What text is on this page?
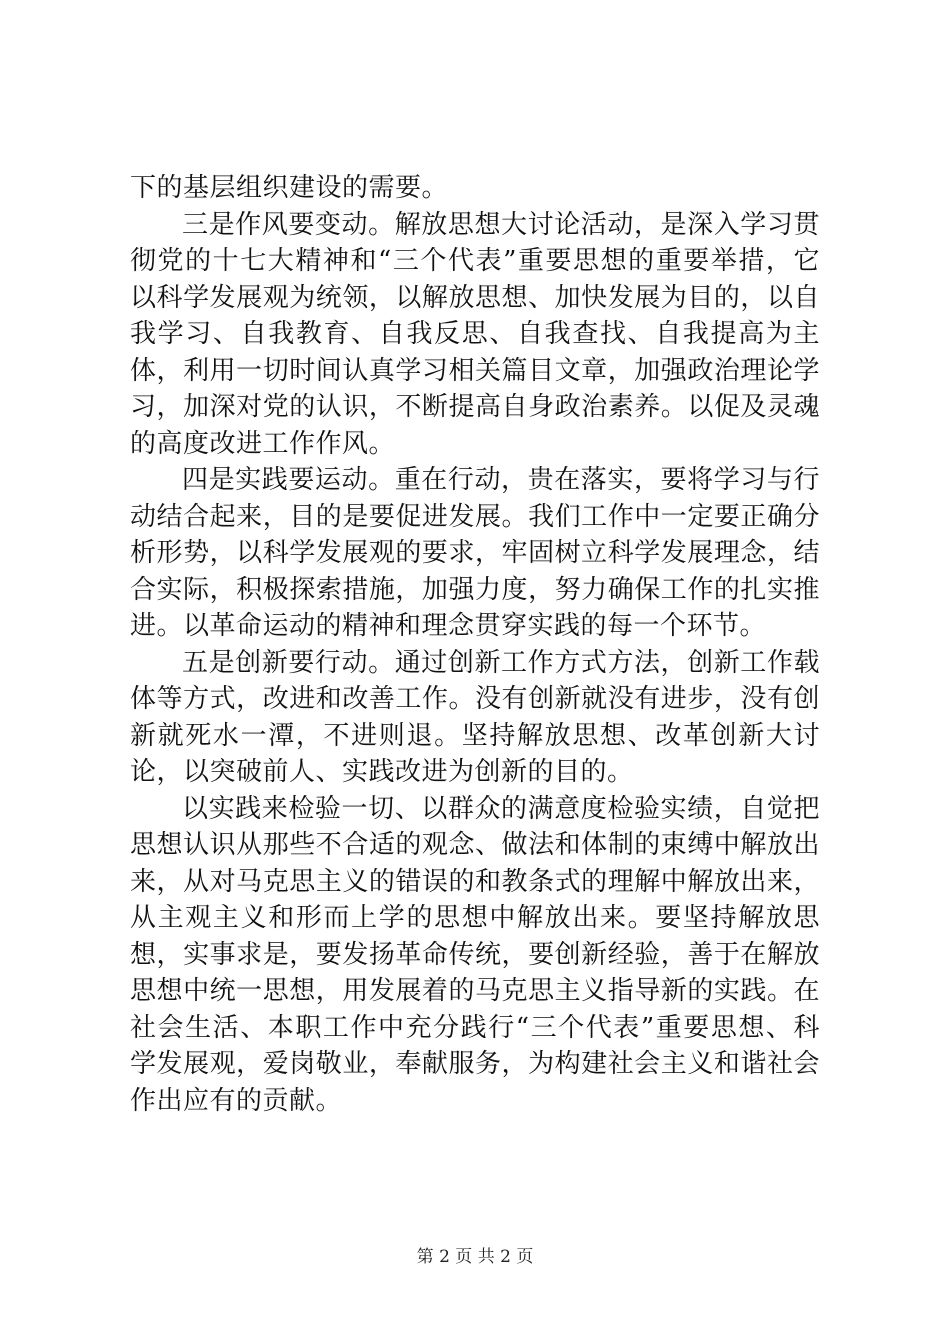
下的基层组织建设的需要。

三是作风要变动。解放思想大讨论活动，是深入学习贯彻党的十七大精神和“三个代表”重要思想的重要举措，它以科学发展观为统领，以解放思想、加快发展为目的，以自我学习、自我教育、自我反思、自我查找、自我提高为主体，利用一切时间认真学习相关篇目文章，加强政治理论学习，加深对党的认识，不断提高自身政治素养。以促及灵魂的高度改进工作作风。

四是实践要运动。重在行动，贵在落实，要将学习与行动结合起来，目的是要促进发展。我们工作中一定要正确分析形势，以科学发展观的要求，牢固树立科学发展理念，结合实际，积极探索措施，加强力度，努力确保工作的扎实推进。以革命运动的精神和理念贯穿实践的每一个环节。

五是创新要行动。通过创新工作方式方法，创新工作载体等方式，改进和改善工作。没有创新就没有进步，没有创新就死水一潭，不进则退。坚持解放思想、改革创新大讨论，以突破前人、实践改进为创新的目的。

以实践来检验一切、以群众的满意度检验实绩，自觉把思想认识从那些不合适的观念、做法和体制的束缚中解放出来，从对马克思主义的错误的和教条式的理解中解放出来，从主观主义和形而上学的思想中解放出来。要坚持解放思想，实事求是，要发扬革命传统，要创新经验，善于在解放思想中统一思想，用发展着的马克思主义指导新的实践。在社会生活、本职工作中充分践行“三个代表”重要思想、科学发展观，爱岗敬业，奉献服务，为构建社会主义和谐社会作出应有的贡献。

第 2 页 共 2 页
